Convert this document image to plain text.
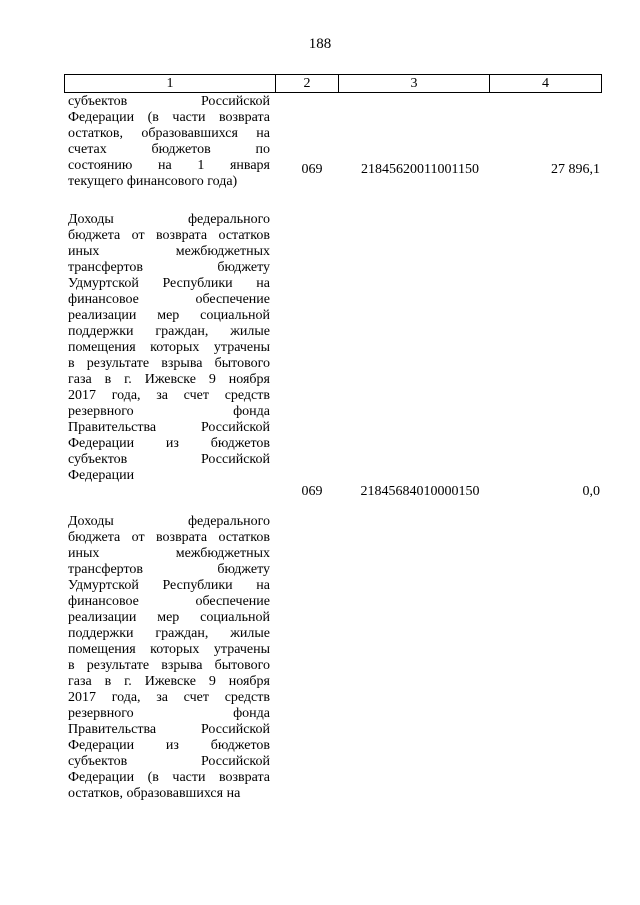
188
1	2	3	4
субъектов Российской
Федерации (в части возврата
остатков, образовавшихся на
счетах бюджетов по
состоянию на 1 января
текущего финансового года)
069	21845620011001150	27 896,1
Доходы федерального
бюджета от возврата остатков
иных межбюджетных
трансфертов бюджету
Удмуртской Республики на
финансовое обеспечение
реализации мер социальной
поддержки граждан, жилые
помещения которых утрачены
в результате взрыва бытового
газа в г. Ижевске 9 ноября
2017 года, за счет средств
резервного фонда
Правительства Российской
Федерации из бюджетов
субъектов Российской
Федерации
069	21845684010000150	0,0
Доходы федерального
бюджета от возврата остатков
иных межбюджетных
трансфертов бюджету
Удмуртской Республики на
финансовое обеспечение
реализации мер социальной
поддержки граждан, жилые
помещения которых утрачены
в результате взрыва бытового
газа в г. Ижевске 9 ноября
2017 года, за счет средств
резервного фонда
Правительства Российской
Федерации из бюджетов
субъектов Российской
Федерации (в части возврата
остатков, образовавшихся на
